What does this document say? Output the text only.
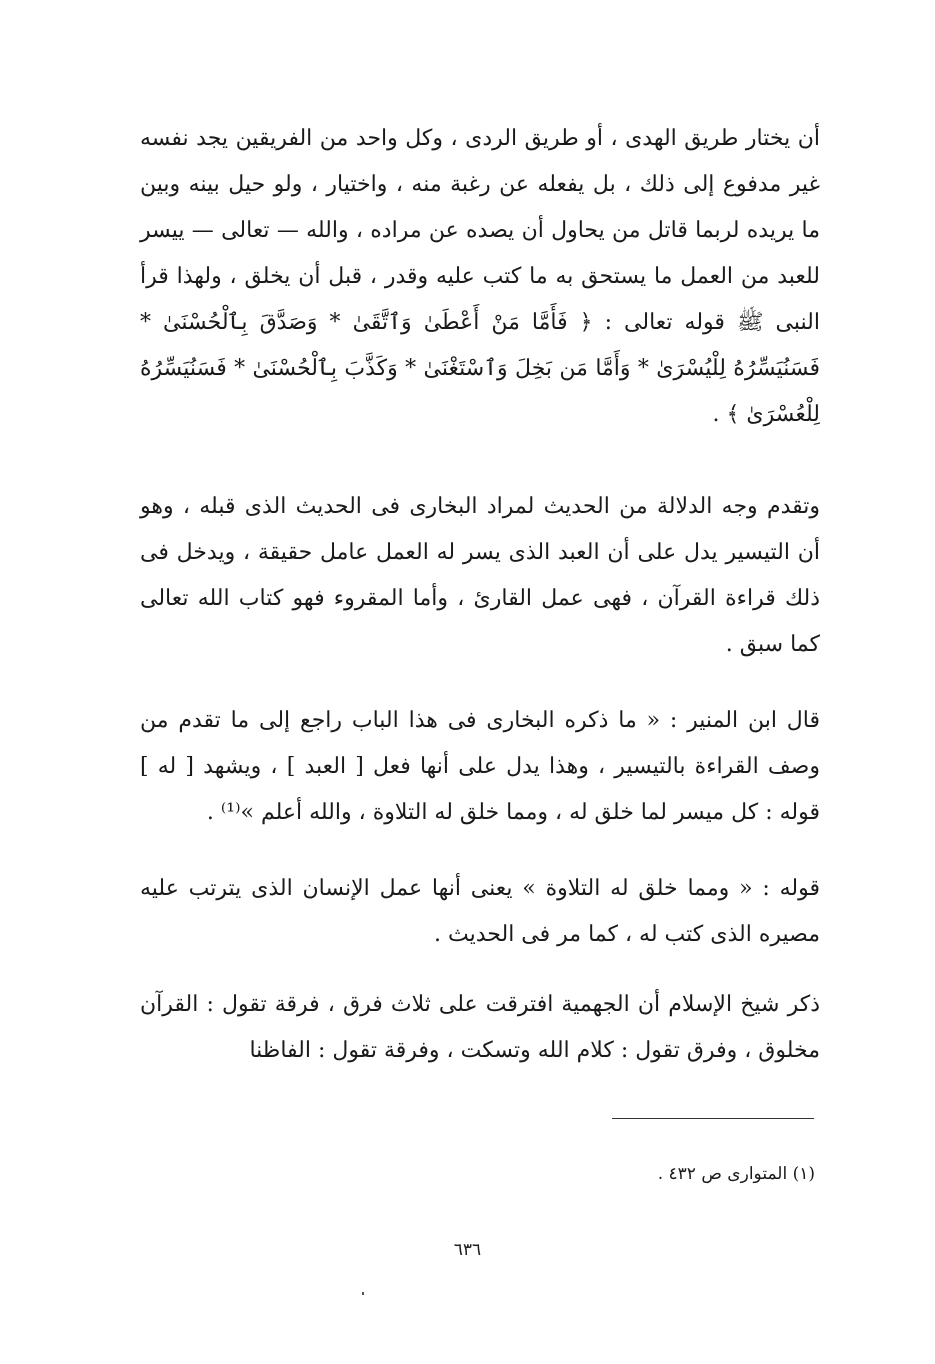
أن يختار طريق الهدى ، أو طريق الردى ، وكل واحد من الفريقين يجد نفسه غير مدفوع إلى ذلك ، بل يفعله عن رغبة منه ، واختيار ، ولو حيل بينه وبين ما يريده لربما قاتل من يحاول أن يصده عن مراده ، والله — تعالى — ييسر للعبد من العمل ما يستحق به ما كتب عليه وقدر ، قبل أن يخلق ، ولهذا قرأ النبى ﷺ قوله تعالى : ﴿ فَأَمَّا مَنْ أَعْطَىٰ وَٱتَّقَىٰ * وَصَدَّقَ بِٱلْحُسْنَىٰ * فَسَنُيَسِّرُهُ لِلْيُسْرَىٰ * وَأَمَّا مَن بَخِلَ وَٱسْتَغْنَىٰ * وَكَذَّبَ بِٱلْحُسْنَىٰ * فَسَنُيَسِّرُهُ لِلْعُسْرَىٰ ﴾ .

وتقدم وجه الدلالة من الحديث لمراد البخارى فى الحديث الذى قبله ، وهو أن التيسير يدل على أن العبد الذى يسر له العمل عامل حقيقة ، ويدخل فى ذلك قراءة القرآن ، فهى عمل القارئ ، وأما المقروء فهو كتاب الله تعالى كما سبق .

قال ابن المنير : « ما ذكره البخارى فى هذا الباب راجع إلى ما تقدم من وصف القراءة بالتيسير ، وهذا يدل على أنها فعل [ العبد ] ، ويشهد [ له ] قوله : كل ميسر لما خلق له ، ومما خلق له التلاوة ، والله أعلم »⁽¹⁾ .

قوله : « ومما خلق له التلاوة » يعنى أنها عمل الإنسان الذى يترتب عليه مصيره الذى كتب له ، كما مر فى الحديث .

ذكر شيخ الإسلام أن الجهمية افترقت على ثلاث فرق ، فرقة تقول : القرآن مخلوق ، وفرق تقول : كلام الله وتسكت ، وفرقة تقول : الفاظنا

(١) المتوارى ص ٤٣٢ .

٦٣٦
